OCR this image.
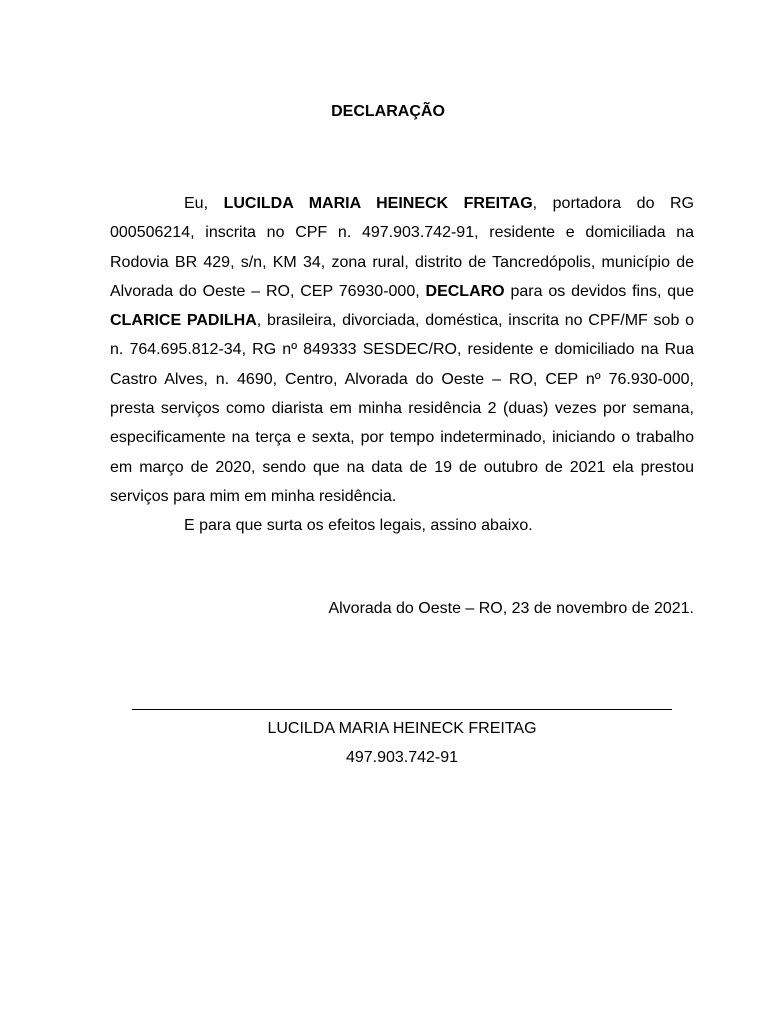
DECLARAÇÃO

Eu, LUCILDA MARIA HEINECK FREITAG, portadora do RG 000506214, inscrita no CPF n. 497.903.742-91, residente e domiciliada na Rodovia BR 429, s/n, KM 34, zona rural, distrito de Tancredópolis, município de Alvorada do Oeste – RO, CEP 76930-000, DECLARO para os devidos fins, que CLARICE PADILHA, brasileira, divorciada, doméstica, inscrita no CPF/MF sob o n. 764.695.812-34, RG nº 849333 SESDEC/RO, residente e domiciliado na Rua Castro Alves, n. 4690, Centro, Alvorada do Oeste – RO, CEP nº 76.930-000, presta serviços como diarista em minha residência 2 (duas) vezes por semana, especificamente na terça e sexta, por tempo indeterminado, iniciando o trabalho em março de 2020, sendo que na data de 19 de outubro de 2021 ela prestou serviços para mim em minha residência.

E para que surta os efeitos legais, assino abaixo.

Alvorada do Oeste – RO, 23 de novembro de 2021.

LUCILDA MARIA HEINECK FREITAG

497.903.742-91
